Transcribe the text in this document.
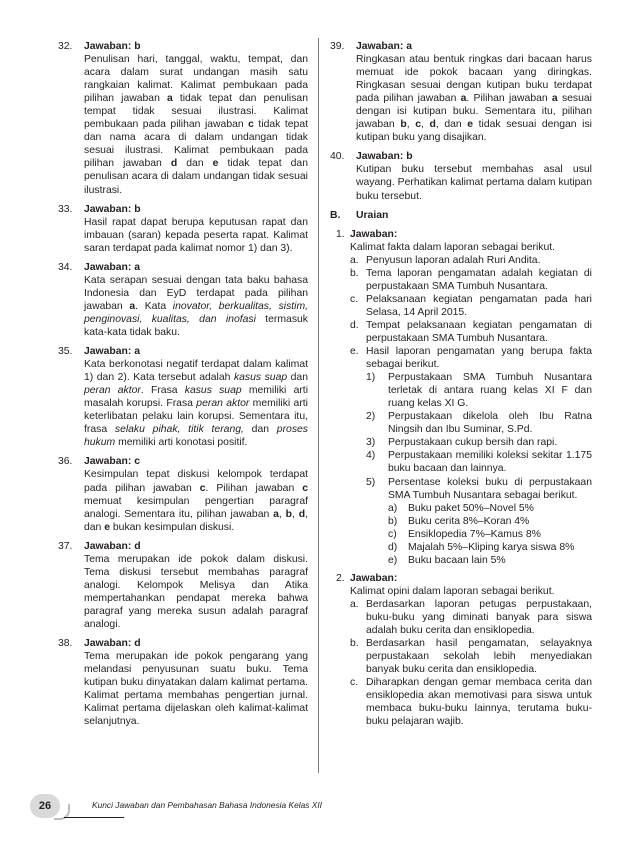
32. Jawaban: b
Penulisan hari, tanggal, waktu, tempat, dan acara dalam surat undangan masih satu rangkaian kalimat. Kalimat pembukaan pada pilihan jawaban a tidak tepat dan penulisan tempat tidak sesuai ilustrasi. Kalimat pembukaan pada pilihan jawaban c tidak tepat dan nama acara di dalam undangan tidak sesuai ilustrasi. Kalimat pembukaan pada pilihan jawaban d dan e tidak tepat dan penulisan acara di dalam undangan tidak sesuai ilustrasi.
33. Jawaban: b
Hasil rapat dapat berupa keputusan rapat dan imbauan (saran) kepada peserta rapat. Kalimat saran terdapat pada kalimat nomor 1) dan 3).
34. Jawaban: a
Kata serapan sesuai dengan tata baku bahasa Indonesia dan EyD terdapat pada pilihan jawaban a. Kata inovator, berkualitas, sistim, penginovasi, kualitas, dan inofasi termasuk kata-kata tidak baku.
35. Jawaban: a
Kata berkonotasi negatif terdapat dalam kalimat 1) dan 2). Kata tersebut adalah kasus suap dan peran aktor. Frasa kasus suap memiliki arti masalah korupsi. Frasa peran aktor memiliki arti keterlibatan pelaku lain korupsi. Sementara itu, frasa selaku pihak, titik terang, dan proses hukum memiliki arti konotasi positif.
36. Jawaban: c
Kesimpulan tepat diskusi kelompok terdapat pada pilihan jawaban c. Pilihan jawaban c memuat kesimpulan pengertian paragraf analogi. Sementara itu, pilihan jawaban a, b, d, dan e bukan kesimpulan diskusi.
37. Jawaban: d
Tema merupakan ide pokok dalam diskusi. Tema diskusi tersebut membahas paragraf analogi. Kelompok Melisya dan Atika mempertahankan pendapat mereka bahwa paragraf yang mereka susun adalah paragraf analogi.
38. Jawaban: d
Tema merupakan ide pokok pengarang yang melandasi penyusunan suatu buku. Tema kutipan buku dinyatakan dalam kalimat pertama. Kalimat pertama membahas pengertian jurnal. Kalimat pertama dijelaskan oleh kalimat-kalimat selanjutnya.
39. Jawaban: a
Ringkasan atau bentuk ringkas dari bacaan harus memuat ide pokok bacaan yang diringkas. Ringkasan sesuai dengan kutipan buku terdapat pada pilihan jawaban a. Pilihan jawaban a sesuai dengan isi kutipan buku. Sementara itu, pilihan jawaban b, c, d, dan e tidak sesuai dengan isi kutipan buku yang disajikan.
40. Jawaban: b
Kutipan buku tersebut membahas asal usul wayang. Perhatikan kalimat pertama dalam kutipan buku tersebut.
B. Uraian
1. Jawaban:
Kalimat fakta dalam laporan sebagai berikut.
a. Penyusun laporan adalah Ruri Andita.
b. Tema laporan pengamatan adalah kegiatan di perpustakaan SMA Tumbuh Nusantara.
c. Pelaksanaan kegiatan pengamatan pada hari Selasa, 14 April 2015.
d. Tempat pelaksanaan kegiatan pengamatan di perpustakaan SMA Tumbuh Nusantara.
e. Hasil laporan pengamatan yang berupa fakta sebagai berikut.
1) Perpustakaan SMA Tumbuh Nusantara terletak di antara ruang kelas XI F dan ruang kelas XI G.
2) Perpustakaan dikelola oleh Ibu Ratna Ningsih dan Ibu Suminar, S.Pd.
3) Perpustakaan cukup bersih dan rapi.
4) Perpustakaan memiliki koleksi sekitar 1.175 buku bacaan dan lainnya.
5) Persentase koleksi buku di perpustakaan SMA Tumbuh Nusantara sebagai berikut.
a) Buku paket 50%–Novel 5%
b) Buku cerita 8%–Koran 4%
c) Ensiklopedia 7%–Kamus 8%
d) Majalah 5%–Kliping karya siswa 8%
e) Buku bacaan lain 5%
2. Jawaban:
Kalimat opini dalam laporan sebagai berikut.
a. Berdasarkan laporan petugas perpustakaan, buku-buku yang diminati banyak para siswa adalah buku cerita dan ensiklopedia.
b. Berdasarkan hasil pengamatan, selayaknya perpustakaan sekolah lebih menyediakan banyak buku cerita dan ensiklopedia.
c. Diharapkan dengan gemar membaca cerita dan ensiklopedia akan memotivasi para siswa untuk membaca buku-buku lainnya, terutama buku-buku pelajaran wajib.
26	Kunci Jawaban dan Pembahasan Bahasa Indonesia Kelas XII
